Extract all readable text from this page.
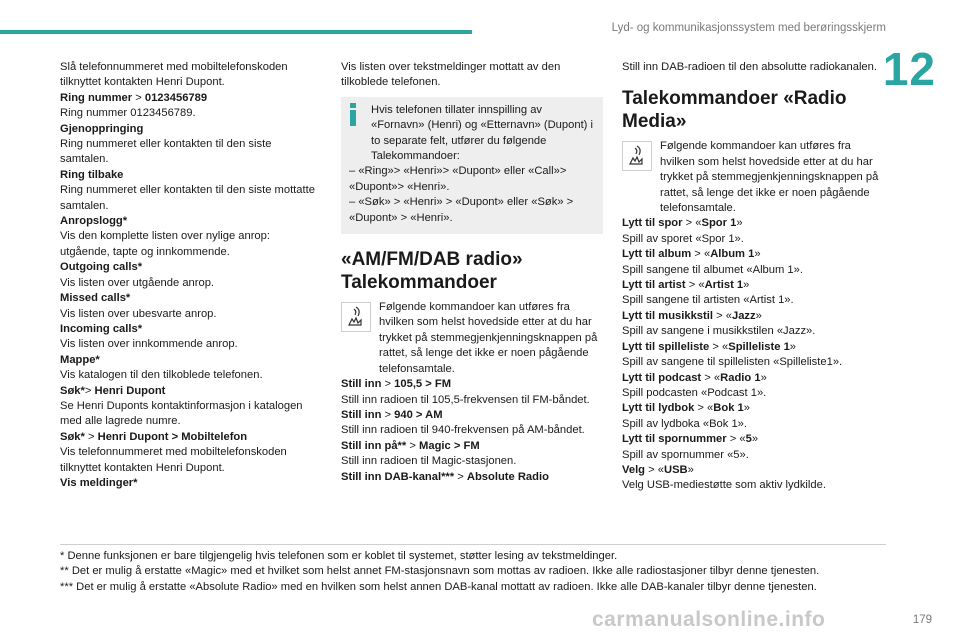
Lyd- og kommunikasjonssystem med berøringsskjerm
12
Slå telefonnummeret med mobiltelefonskoden tilknyttet kontakten Henri Dupont.
Ring nummer > 0123456789
Ring nummer 0123456789.
Gjenoppringing
Ring nummeret eller kontakten til den siste samtalen.
Ring tilbake
Ring nummeret eller kontakten til den siste mottatte samtalen.
Anropslogg*
Vis den komplette listen over nylige anrop: utgående, tapte og innkommende.
Outgoing calls*
Vis listen over utgående anrop.
Missed calls*
Vis listen over ubesvarte anrop.
Incoming calls*
Vis listen over innkommende anrop.
Mappe*
Vis katalogen til den tilkoblede telefonen.
Søk*> Henri Dupont
Se Henri Duponts kontaktinformasjon i katalogen med alle lagrede numre.
Søk* > Henri Dupont > Mobiltelefon
Vis telefonnummeret med mobiltelefonskoden tilknyttet kontakten Henri Dupont.
Vis meldinger*
Vis listen over tekstmeldinger mottatt av den tilkoblede telefonen.
Hvis telefonen tillater innspilling av «Fornavn» (Henri) og «Etternavn» (Dupont) i to separate felt, utfører du følgende Talekommandoer:
– «Ring»> «Henri»> «Dupont» eller «Call»> «Dupont»> «Henri».
– «Søk» > «Henri» > «Dupont» eller «Søk» > «Dupont» > «Henri».
«AM/FM/DAB radio» Talekommandoer
Følgende kommandoer kan utføres fra hvilken som helst hovedside etter at du har trykket på stemmegjenkjenningsknappen på rattet, så lenge det ikke er noen pågående telefonsamtale.
Still inn > 105,5 > FM
Still inn radioen til 105,5-frekvensen til FM-båndet.
Still inn > 940 > AM
Still inn radioen til 940-frekvensen på AM-båndet.
Still inn på** > Magic > FM
Still inn radioen til Magic-stasjonen.
Still inn DAB-kanal*** > Absolute Radio
Still inn DAB-radioen til den absolutte radiokanalen.
Talekommandoer «Radio Media»
Følgende kommandoer kan utføres fra hvilken som helst hovedside etter at du har trykket på stemmegjenkjenningsknappen på rattet, så lenge det ikke er noen pågående telefonsamtale.
Lytt til spor > «Spor 1»
Spill av sporet «Spor 1».
Lytt til album > «Album 1»
Spill sangene til albumet «Album 1».
Lytt til artist > «Artist 1»
Spill sangene til artisten «Artist 1».
Lytt til musikkstil > «Jazz»
Spill av sangene i musikkstilen «Jazz».
Lytt til spilleliste > «Spilleliste 1»
Spill av sangene til spillelisten «Spilleliste1».
Lytt til podcast > «Radio 1»
Spill podcasten «Podcast 1».
Lytt til lydbok > «Bok 1»
Spill av lydboka «Bok 1».
Lytt til spornummer > «5»
Spill av spornummer «5».
Velg > «USB»
Velg USB-mediestøtte som aktiv lydkilde.
* Denne funksjonen er bare tilgjengelig hvis telefonen som er koblet til systemet, støtter lesing av tekstmeldinger.
** Det er mulig å erstatte «Magic» med et hvilket som helst annet FM-stasjonsnavn som mottas av radioen. Ikke alle radiostasjoner tilbyr denne tjenesten.
*** Det er mulig å erstatte «Absolute Radio» med en hvilken som helst annen DAB-kanal mottatt av radioen. Ikke alle DAB-kanaler tilbyr denne tjenesten.
carmanualsonline.info	179
